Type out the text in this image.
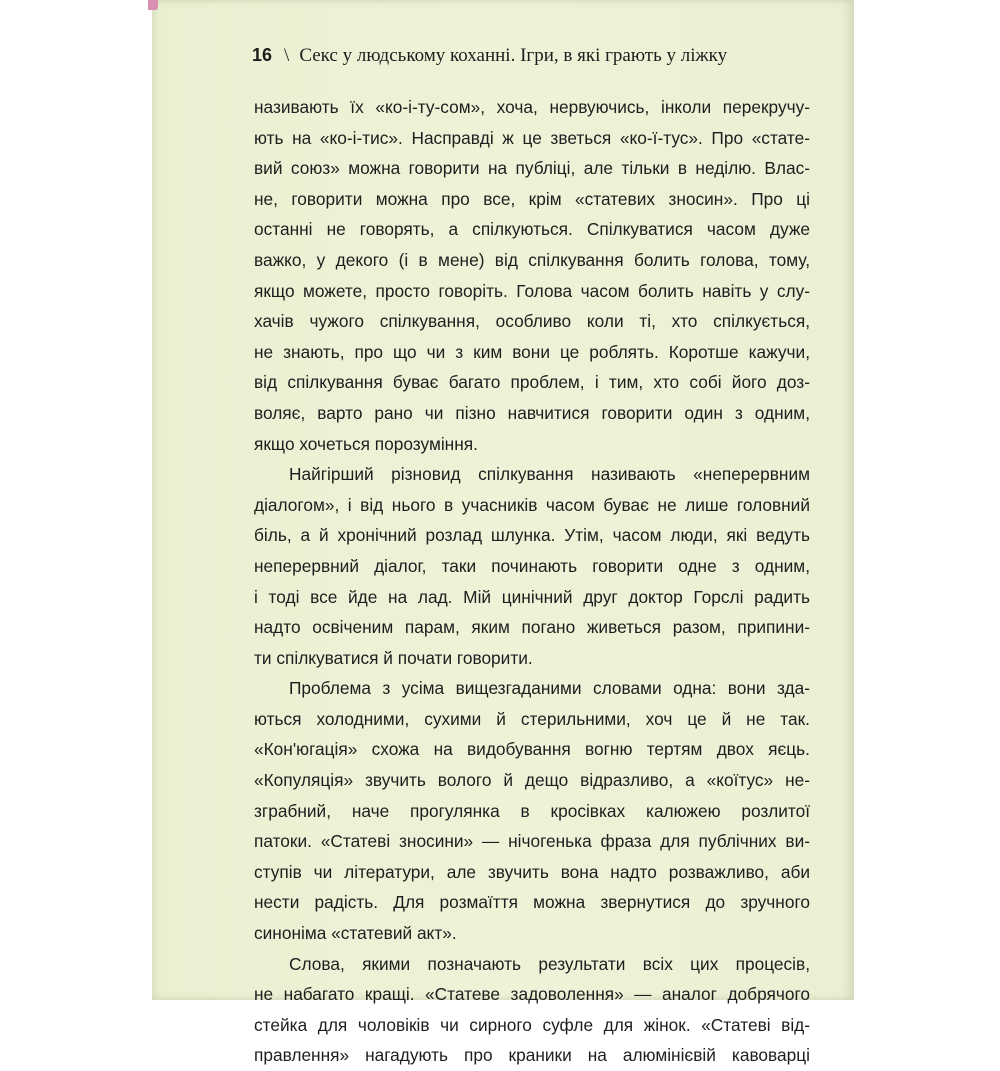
16 \ Секс у людському коханні. Ігри, в які грають у ліжку
називають їх «ко-і-ту-сом», хоча, нервуючись, інколи перекручу-
ють на «ко-і-тис». Насправді ж це зветься «ко-ї-тус». Про «стате-
вий союз» можна говорити на публіці, але тільки в неділю. Влас-
не, говорити можна про все, крім «статевих зносин». Про ці
останні не говорять, а спілкуються. Спілкуватися часом дуже
важко, у декого (і в мене) від спілкування болить голова, тому,
якщо можете, просто говоріть. Голова часом болить навіть у слу-
хачів чужого спілкування, особливо коли ті, хто спілкується,
не знають, про що чи з ким вони це роблять. Коротше кажучи,
від спілкування буває багато проблем, і тим, хто собі його доз-
воляє, варто рано чи пізно навчитися говорити один з одним,
якщо хочеться порозуміння.
Найгірший різновид спілкування називають «неперервним
діалогом», і від нього в учасників часом буває не лише головний
біль, а й хронічний розлад шлунка. Утім, часом люди, які ведуть
неперервний діалог, таки починають говорити одне з одним,
і тоді все йде на лад. Мій цинічний друг доктор Горслі радить
надто освіченим парам, яким погано живеться разом, припини-
ти спілкуватися й почати говорити.
Проблема з усіма вищезгаданими словами одна: вони зда-
ються холодними, сухими й стерильними, хоч це й не так.
«Кон'югація» схожа на видобування вогню тертям двох яєць.
«Копуляція» звучить волого й дещо відразливо, а «коїтус» не-
зграбний, наче прогулянка в кросівках калюжею розлитої
патоки. «Статеві зносини» — нічогенька фраза для публічних ви-
ступів чи літератури, але звучить вона надто розважливо, аби
нести радість. Для розмаїття можна звернутися до зручного
синоніма «статевий акт».
Слова, якими позначають результати всіх цих процесів,
не набагато кращі. «Статеве задоволення» — аналог добрячого
стейка для чоловіків чи сирного суфле для жінок. «Статеві від-
правлення» нагадують про краники на алюмінієвій кавоварці
